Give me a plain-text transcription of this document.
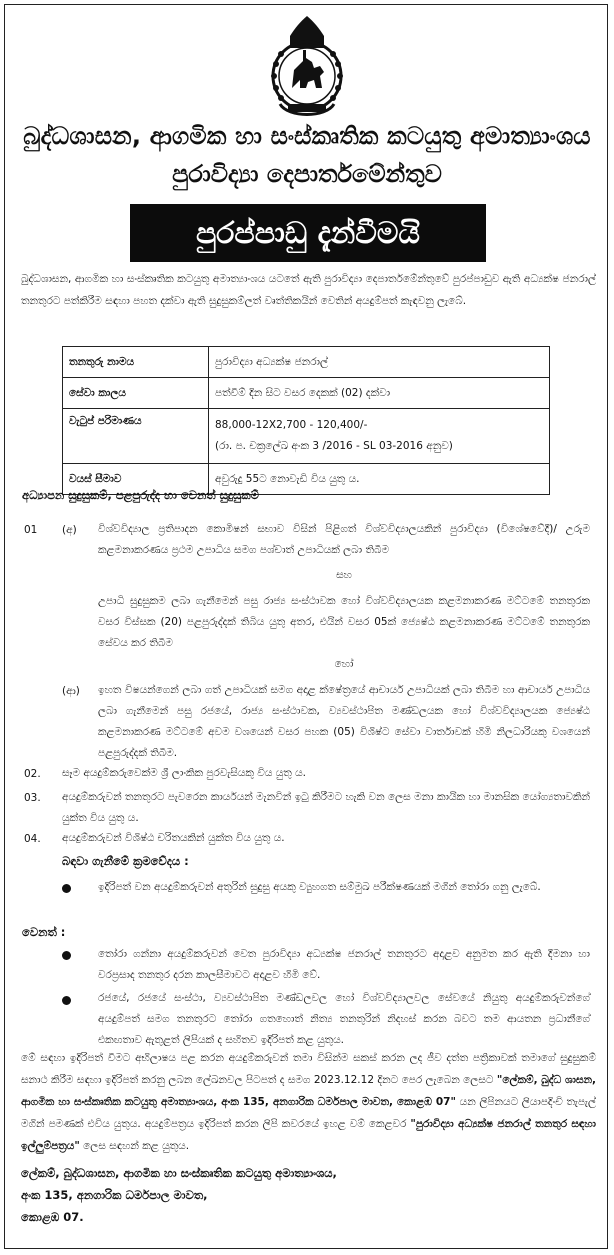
බුද්ධශාසන, ආගමික හා සංස්කෘතික කටයුතු අමාත්‍යාංශය
පුරාවිද්‍යා දෙපාර්තමේන්තුව
පුරප්පාඩු දැන්වීමයි
බුද්ධශාසන, ආගමික හා සංස්කෘතික කටයුතු අමාත්‍යාංශය යටතේ ඇති පුරාවිද්‍යා දෙපාර්තමේන්තුවේ පුරප්පාඩුව ඇති අධ්‍යක්ෂ ජනරාල් තනතුරට පත්කිරීම සඳහා පහත දක්වා ඇති සුදුසුකම්ලත් වෘත්තිකයින් වෙතින් අයදුම්පත් කැඳවනු ලැබේ.
තනතුරු නාමය	පුරාවිද්‍යා අධ්‍යක්ෂ ජනරාල්
සේවා කාලය	පත්වීම් දින සිට වසර දෙකක් (02) දක්වා
වැටුප් පරිමාණය	88,000-12X2,700 - 120,400/-
(රා. ප. චක්‍රලේඛ අංක 3 /2016 - SL 03-2016 අනුව)

වයස් සීමාව	අවුරුදු 55ට නොවැඩි විය යුතු ය.
අධ්‍යාපන සුදුසුකම්, පළපුරුද්ද හා වෙනත් සුදුසුකම්
01 (අ) විශ්වවිද්‍යාල ප්‍රතිපාදන කොමිෂන් සභාව විසින් පිළිගත් විශ්වවිද්‍යාලයකින් පුරාවිද්‍යා (විශේෂවේදී)/ උරුම කළමනාකරණය ප්‍රථම උපාධිය සමග පශ්චාත් උපාධියක් ලබා තිබීම
සහ
උපාධි සුදුසුකම ලබා ගැනීමෙන් පසු රාජ්‍ය සංස්ථාවක හෝ විශ්වවිද්‍යාලයක කළමනාකරණ මට්ටමේ තනතුරක වසර විස්සක (20) පළපුරුද්දක් තිබිය යුතු අතර, එයින් වසර 05ක් ජ්‍යෙෂ්ඨ කළමනාකරණ මට්ටමේ තනතුරක සේවය කර තිබීම
හෝ
(ආ) ඉහත විෂයන්ගෙන් ලබා ගත් උපාධියක් සමග අදාළ ක්ෂේත්‍රයේ ආචාර්ය උපාධියක් ලබා තිබීම හා ආචාර්ය උපාධිය ලබා ගැනීමෙන් පසු රජයේ, රාජ්‍ය සංස්ථාවක, ව්‍යවස්ථාපිත මණ්ඩලයක හෝ විශ්වවිද්‍යාලයක ජ්‍යෙෂ්ඨ කළමනාකරණ මට්ටමේ අවම වශයෙන් වසර පහක (05) විශිෂ්ට සේවා වාර්තාවක් හිමි නිලධාරියකු වශයෙන් පළපුරුද්දක් තිබීම.
02. සෑම අයදුම්කරුවෙක්ම ශ්‍රී ලාංකික පුරවැසියකු විය යුතු ය.
03. අයදුම්කරුවන් තනතුරට පැවරෙන කාර්යයන් මැනවින් ඉටු කිරීමට හැකි වන ලෙස මනා කායික හා මානසික යෝග්‍යතාවකින් යුක්ත විය යුතු ය.
04. අයදුම්කරුවන් විශිෂ්ඨ චරිතයකින් යුක්ත විය යුතු ය.
බඳවා ගැනීමේ ක්‍රමවේදය :
ඉදිරිපත් වන අයදුම්කරුවන් අතුරින් සුදුසු අයකු ව්‍යුහගත සම්මුඛ පරීක්ෂණයක් මගින් තෝරා ගනු ලැබේ.
වෙනත් :
තෝරා ගන්නා අයදුම්කරුවන් වෙත පුරාවිද්‍යා අධ්‍යක්ෂ ජනරාල් තනතුරට අදාළව අනුමත කර ඇති දීමනා හා වරප්‍රසාද තනතුර දරන කාලසීමාවට අදාළව හිමි වේ.
රජයේ, රජයේ සංස්ථා, ව්‍යවස්ථාපිත මණ්ඩලවල හෝ විශ්වවිද්‍යාලවල සේවයේ නියුතු අයදුම්කරුවන්ගේ අයදුම්පත් සමග තනතුරට තෝරා ගතහොත් නිත්‍ය තනතුරින් නිදහස් කරන බවට තම ආයතන ප්‍රධානීගේ එකඟතාව ඇතුළත් ලිපියක් ද සහිතව ඉදිරිපත් කළ යුතුය.
මේ සඳහා ඉදිරිපත් වීමට අභිලාෂය පළ කරන අයදුම්කරුවන් තමා විසින්ම සකස් කරන ලද ජීව දත්ත පත්‍රිකාවක් තමාගේ සුදුසුකම් සනාථ කිරීම සඳහා ඉදිරිපත් කරනු ලබන ලේඛනවල පිටපත් ද සමග 2023.12.12 දිනට පෙර ලැබෙන ලෙසට "ලේකම්, බුද්ධ ශාසන, ආගමික හා සංස්කෘතික කටයුතු අමාත්‍යාංශය, අංක 135, අනගාරික ධර්මපාල මාවත, කොළඹ 07" යන ලිපිනයට ලියාපදිංචි තැපැල් මගින් පමණක් එවිය යුතුය. අයදුම්පත්‍රය ඉදිරිපත් කරන ලිපි කවරයේ ඉහළ වම් කෙළවර "පුරාවිද්‍යා අධ්‍යක්ෂ ජනරාල් තනතුර සඳහා ඉල්ලුම්පත්‍රය" ලෙස සඳහන් කළ යුතුය.
ලේකම්, බුද්ධශාසන, ආගමික හා සංස්කෘතික කටයුතු අමාත්‍යාංශය,
අංක 135, අනගාරික ධර්මපාල මාවත,
කොළඹ 07.
